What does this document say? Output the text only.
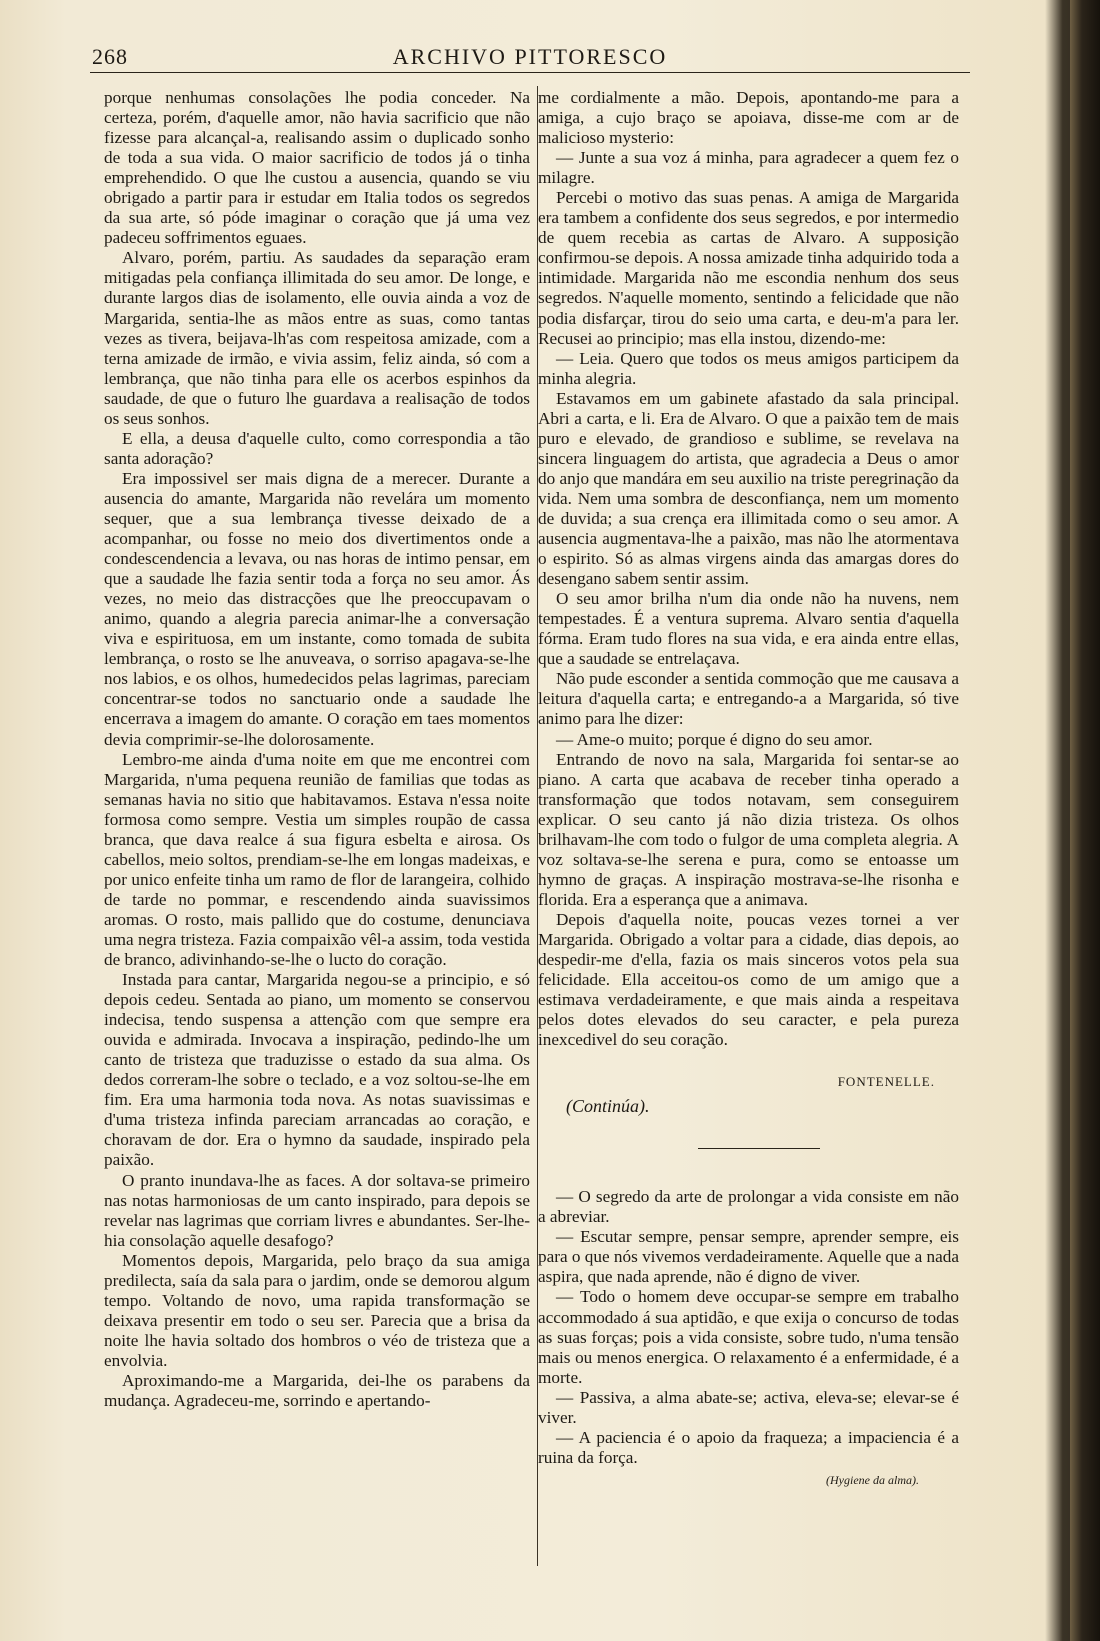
268	ARCHIVO PITTORESCO

porque nenhumas consolações lhe podia conceder. Na certeza, porém, d'aquelle amor, não havia sacrificio que não fizesse para alcançal-a, realisando assim o duplicado sonho de toda a sua vida. O maior sacrificio de todos já o tinha emprehendido. O que lhe custou a ausencia, quando se viu obrigado a partir para ir estudar em Italia todos os segredos da sua arte, só póde imaginar o coração que já uma vez padeceu soffrimentos eguaes.

Alvaro, porém, partiu. As saudades da separação eram mitigadas pela confiança illimitada do seu amor. De longe, e durante largos dias de isolamento, elle ouvia ainda a voz de Margarida, sentia-lhe as mãos entre as suas, como tantas vezes as tivera, beijava-lh'as com respeitosa amizade, com a terna amizade de irmão, e vivia assim, feliz ainda, só com a lembrança, que não tinha para elle os acerbos espinhos da saudade, de que o futuro lhe guardava a realisação de todos os seus sonhos.

E ella, a deusa d'aquelle culto, como correspondia a tão santa adoração?

Era impossivel ser mais digna de a merecer. Durante a ausencia do amante, Margarida não revelára um momento sequer, que a sua lembrança tivesse deixado de a acompanhar, ou fosse no meio dos divertimentos onde a condescendencia a levava, ou nas horas de intimo pensar, em que a saudade lhe fazia sentir toda a força no seu amor. Ás vezes, no meio das distracções que lhe preoccupavam o animo, quando a alegria parecia animar-lhe a conversação viva e espirituosa, em um instante, como tomada de subita lembrança, o rosto se lhe anuveava, o sorriso apagava-se-lhe nos labios, e os olhos, humedecidos pelas lagrimas, pareciam concentrar-se todos no sanctuario onde a saudade lhe encerrava a imagem do amante. O coração em taes momentos devia comprimir-se-lhe dolorosamente.

Lembro-me ainda d'uma noite em que me encontrei com Margarida, n'uma pequena reunião de familias que todas as semanas havia no sitio que habitavamos. Estava n'essa noite formosa como sempre. Vestia um simples roupão de cassa branca, que dava realce á sua figura esbelta e airosa. Os cabellos, meio soltos, prendiam-se-lhe em longas madeixas, e por unico enfeite tinha um ramo de flor de larangeira, colhido de tarde no pommar, e rescendendo ainda suavissimos aromas. O rosto, mais pallido que do costume, denunciava uma negra tristeza. Fazia compaixão vêl-a assim, toda vestida de branco, adivinhando-se-lhe o lucto do coração.

Instada para cantar, Margarida negou-se a principio, e só depois cedeu. Sentada ao piano, um momento se conservou indecisa, tendo suspensa a attenção com que sempre era ouvida e admirada. Invocava a inspiração, pedindo-lhe um canto de tristeza que traduzisse o estado da sua alma. Os dedos correram-lhe sobre o teclado, e a voz soltou-se-lhe em fim. Era uma harmonia toda nova. As notas suavissimas e d'uma tristeza infinda pareciam arrancadas ao coração, e choravam de dor. Era o hymno da saudade, inspirado pela paixão.

O pranto inundava-lhe as faces. A dor soltava-se primeiro nas notas harmoniosas de um canto inspirado, para depois se revelar nas lagrimas que corriam livres e abundantes. Ser-lhe-hia consolação aquelle desafogo?

Momentos depois, Margarida, pelo braço da sua amiga predilecta, saía da sala para o jardim, onde se demorou algum tempo. Voltando de novo, uma rapida transformação se deixava presentir em todo o seu ser. Parecia que a brisa da noite lhe havia soltado dos hombros o véo de tristeza que a envolvia.

Aproximando-me a Margarida, dei-lhe os parabens da mudança. Agradeceu-me, sorrindo e apertando-

me cordialmente a mão. Depois, apontando-me para a amiga, a cujo braço se apoiava, disse-me com ar de malicioso mysterio:

— Junte a sua voz á minha, para agradecer a quem fez o milagre.

Percebi o motivo das suas penas. A amiga de Margarida era tambem a confidente dos seus segredos, e por intermedio de quem recebia as cartas de Alvaro. A supposição confirmou-se depois. A nossa amizade tinha adquirido toda a intimidade. Margarida não me escondia nenhum dos seus segredos. N'aquelle momento, sentindo a felicidade que não podia disfarçar, tirou do seio uma carta, e deu-m'a para ler. Recusei ao principio; mas ella instou, dizendo-me:

— Leia. Quero que todos os meus amigos participem da minha alegria.

Estavamos em um gabinete afastado da sala principal. Abri a carta, e li. Era de Alvaro. O que a paixão tem de mais puro e elevado, de grandioso e sublime, se revelava na sincera linguagem do artista, que agradecia a Deus o amor do anjo que mandára em seu auxilio na triste peregrinação da vida. Nem uma sombra de desconfiança, nem um momento de duvida; a sua crença era illimitada como o seu amor. A ausencia augmentava-lhe a paixão, mas não lhe atormentava o espirito. Só as almas virgens ainda das amargas dores do desengano sabem sentir assim.

O seu amor brilha n'um dia onde não ha nuvens, nem tempestades. É a ventura suprema. Alvaro sentia d'aquella fórma. Eram tudo flores na sua vida, e era ainda entre ellas, que a saudade se entrelaçava.

Não pude esconder a sentida commoção que me causava a leitura d'aquella carta; e entregando-a a Margarida, só tive animo para lhe dizer:

— Ame-o muito; porque é digno do seu amor.

Entrando de novo na sala, Margarida foi sentar-se ao piano. A carta que acabava de receber tinha operado a transformação que todos notavam, sem conseguirem explicar. O seu canto já não dizia tristeza. Os olhos brilhavam-lhe com todo o fulgor de uma completa alegria. A voz soltava-se-lhe serena e pura, como se entoasse um hymno de graças. A inspiração mostrava-se-lhe risonha e florida. Era a esperança que a animava.

Depois d'aquella noite, poucas vezes tornei a ver Margarida. Obrigado a voltar para a cidade, dias depois, ao despedir-me d'ella, fazia os mais sinceros votos pela sua felicidade. Ella acceitou-os como de um amigo que a estimava verdadeiramente, e que mais ainda a respeitava pelos dotes elevados do seu caracter, e pela pureza inexcedivel do seu coração.

FONTENELLE.
(Continúa).

— O segredo da arte de prolongar a vida consiste em não a abreviar.

— Escutar sempre, pensar sempre, aprender sempre, eis para o que nós vivemos verdadeiramente. Aquelle que a nada aspira, que nada aprende, não é digno de viver.

— Todo o homem deve occupar-se sempre em trabalho accommodado á sua aptidão, e que exija o concurso de todas as suas forças; pois a vida consiste, sobre tudo, n'uma tensão mais ou menos energica. O relaxamento é a enfermidade, é a morte.

— Passiva, a alma abate-se; activa, eleva-se; elevar-se é viver.

— A paciencia é o apoio da fraqueza; a impaciencia é a ruina da força.

(Hygiene da alma).
